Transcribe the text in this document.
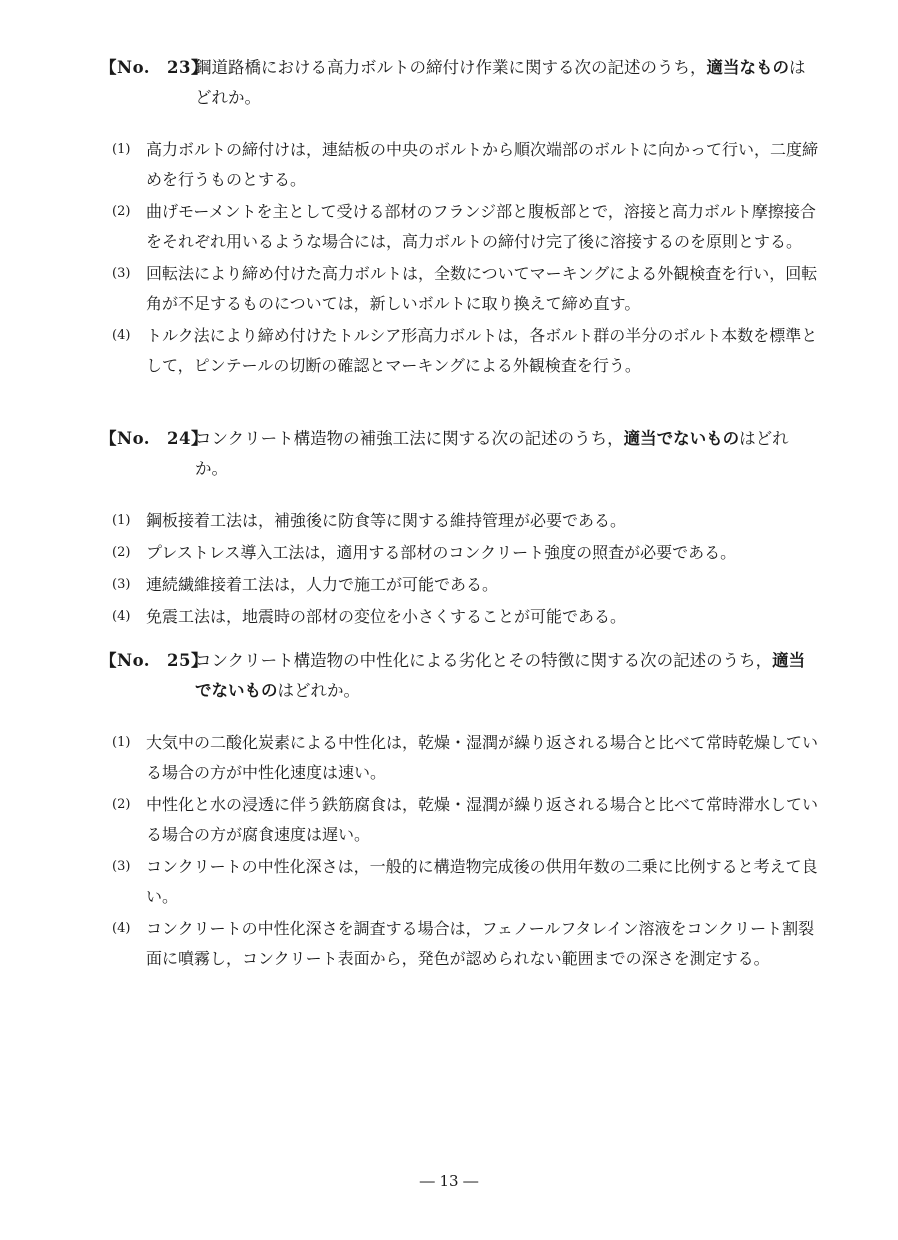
【No.　23】
鋼道路橋における高力ボルトの締付け作業に関する次の記述のうち，適当なものはどれか。
(1) 高力ボルトの締付けは，連結板の中央のボルトから順次端部のボルトに向かって行い，二度締めを行うものとする。
(2) 曲げモーメントを主として受ける部材のフランジ部と腹板部とで，溶接と高力ボルト摩擦接合をそれぞれ用いるような場合には，高力ボルトの締付け完了後に溶接するのを原則とする。
(3) 回転法により締め付けた高力ボルトは，全数についてマーキングによる外観検査を行い，回転角が不足するものについては，新しいボルトに取り換えて締め直す。
(4) トルク法により締め付けたトルシア形高力ボルトは，各ボルト群の半分のボルト本数を標準として，ピンテールの切断の確認とマーキングによる外観検査を行う。
【No.　24】
コンクリート構造物の補強工法に関する次の記述のうち，適当でないものはどれか。
(1) 鋼板接着工法は，補強後に防食等に関する維持管理が必要である。
(2) プレストレス導入工法は，適用する部材のコンクリート強度の照査が必要である。
(3) 連続繊維接着工法は，人力で施工が可能である。
(4) 免震工法は，地震時の部材の変位を小さくすることが可能である。
【No.　25】
コンクリート構造物の中性化による劣化とその特徴に関する次の記述のうち，適当でないものはどれか。
(1) 大気中の二酸化炭素による中性化は，乾燥・湿潤が繰り返される場合と比べて常時乾燥している場合の方が中性化速度は速い。
(2) 中性化と水の浸透に伴う鉄筋腐食は，乾燥・湿潤が繰り返される場合と比べて常時滞水している場合の方が腐食速度は遅い。
(3) コンクリートの中性化深さは，一般的に構造物完成後の供用年数の二乗に比例すると考えて良い。
(4) コンクリートの中性化深さを調査する場合は，フェノールフタレイン溶液をコンクリート割裂面に噴霧し，コンクリート表面から，発色が認められない範囲までの深さを測定する。
― 13 ―
